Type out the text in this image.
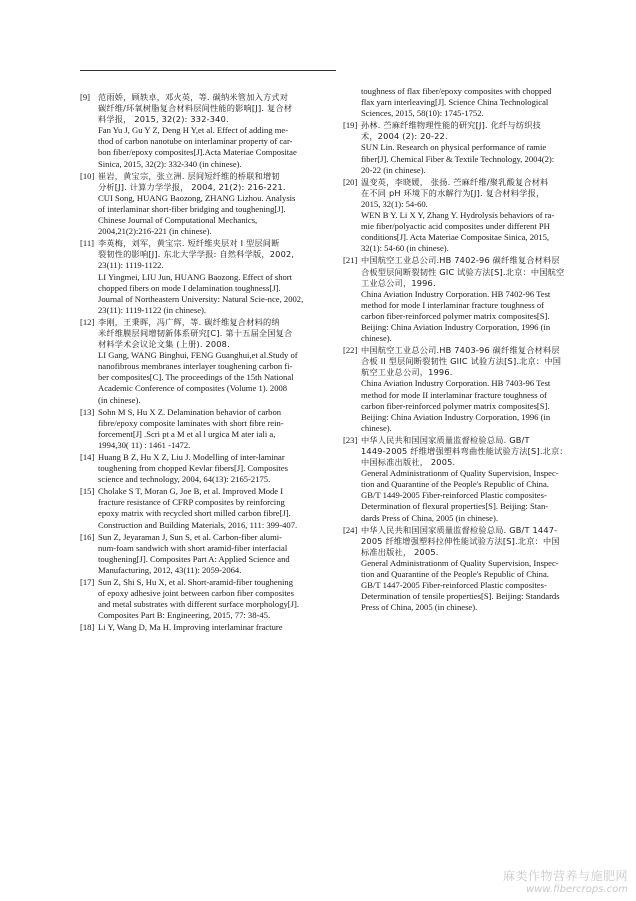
[9] 范雨娇，顾轶卓，邓火英，等. 碳纳米管加入方式对
碳纤维/环氧树脂复合材料层间性能的影响[J]. 复合材
料学报， 2015, 32(2): 332-340.
Fan Yu J, Gu Y Z, Deng H Y,et al. Effect of adding me-
thod of carbon nanotube on interlaminar property of car-
bon fiber/epoxy composites[J].Acta Materiae Compositae
Sinica, 2015, 32(2): 332-340 (in chinese).
[10] 崔岩，黄宝宗，张立洲. 层间短纤维的桥联和增韧
分析[J]. 计算力学学报， 2004, 21(2): 216-221.
CUI Song, HUANG Baozong, ZHANG Lizhou. Analysis
of interlaminar short-fiber bridging and toughening[J].
Chinese Journal of Computational Mechanics,
2004,21(2):216-221 (in chinese).
[11] 李英梅，刘军，黄宝宗. 短纤维夹层对 I 型层间断
裂韧性的影响[J]. 东北大学学报: 自然科学版，2002,
23(11): 1119-1122.
LI Yingmei, LIU Jun, HUANG Baozong. Effect of short
chopped fibers on mode I delamination toughness[J].
Journal of Northeastern University: Natural Scie-nce, 2002,
23(11): 1119-1122 (in chinese).
[12] 李刚，王秉晖，冯广辉，等. 碳纤维复合材料的纳
米纤维膜层间增韧新体系研究[C]. 第十五届全国复合
材料学术会议论文集 (上册). 2008.
LI Gang, WANG Binghui, FENG Guanghui,et al.Study of
nanofibrous membranes interlayer toughening carbon fi-
ber composites[C]. The proceedings of the 15th National
Academic Conference of composites (Volume 1). 2008
(in chinese).
[13] Sohn M S, Hu X Z. Delamination behavior of carbon
fibre/epoxy composite laminates with short fibre rein-
forcement[J] .Scri pt a M et al l urgica M ater iali a,
1994,30( 11) : 1461 -1472.
[14] Huang B Z, Hu X Z, Liu J. Modelling of inter-laminar
toughening from chopped Kevlar fibers[J]. Composites
science and technology, 2004, 64(13): 2165-2175.
[15] Cholake S T, Moran G, Joe B, et al. Improved Mode I
fracture resistance of CFRP composites by reinforcing
epoxy matrix with recycled short milled carbon fibre[J].
Construction and Building Materials, 2016, 111: 399-407.
[16] Sun Z, Jeyaraman J, Sun S, et al. Carbon-fiber alumi-
num-foam sandwich with short aramid-fiber interfacial
toughening[J]. Composites Part A: Applied Science and
Manufacturing, 2012, 43(11): 2059-2064.
[17] Sun Z, Shi S, Hu X, et al. Short-aramid-fiber toughening
of epoxy adhesive joint between carbon fiber composites
and metal substrates with different surface morphology[J].
Composites Part B: Engineering, 2015, 77: 38-45.
[18] Li Y, Wang D, Ma H. Improving interlaminar fracture
toughness of flax fiber/epoxy composites with chopped
flax yarn interleaving[J]. Science China Technological
Sciences, 2015, 58(10): 1745-1752.
[19] 孙林. 苎麻纤维物理性能的研究[J]. 化纤与纺织技
术，2004 (2): 20-22.
SUN Lin. Research on physical performance of ramie
fiber[J]. Chemical Fiber & Textile Technology, 2004(2):
20-22 (in chinese).
[20] 温变英，李晓媛， 张扬. 苎麻纤维/聚乳酸复合材料
在不同 pH 环境下的水解行为[J]. 复合材料学报，
2015, 32(1): 54-60.
WEN B Y. Li X Y, Zhang Y. Hydrolysis behaviors of ra-
mie fiber/polyactic acid composites under different PH
conditions[J]. Acta Materiae Compositae Sinica, 2015,
32(1): 54-60 (in chinese).
[21] 中国航空工业总公司.HB 7402-96 碳纤维复合材料层
合板型层间断裂韧性 GIC 试验方法[S].北京：中国航空
工业总公司，1996.
China Aviation Industry Corporation. HB 7402-96 Test
method for mode I interlaminar fracture toughness of
carbon fiber-reinforced polymer matrix composites[S].
Beijing: China Aviation Industry Corporation, 1996 (in
chinese).
[22] 中国航空工业总公司.HB 7403-96 碳纤维复合材料层
合板 II 型层间断裂韧性 GIIC 试验方法[S].北京：中国
航空工业总公司，1996.
China Aviation Industry Corporation. HB 7403-96 Test
method for mode II interlaminar fracture toughness of
carbon fiber-reinforced polymer matrix composites[S].
Beijing: China Aviation Industry Corporation, 1996 (in
chinese).
[23] 中华人民共和国国家质量监督检验总局. GB/T
1449-2005 纤维增强塑料弯曲性能试验方法[S].北京：
中国标准出版社， 2005.
General Administrationm of Quality Supervision, Inspec-
tion and Quarantine of the People's Republic of China.
GB/T 1449-2005 Fiber-reinforced Plastic composites-
Determination of flexural properties[S]. Beijing: Stan-
dards Press of China, 2005 (in chinese).
[24] 中华人民共和国国家质量监督检验总局. GB/T 1447-
2005 纤维增强塑料拉伸性能试验方法[S].北京：中国
标准出版社， 2005.
General Administrationm of Quality Supervision, Inspec-
tion and Quarantine of the People's Republic of China.
GB/T 1447-2005 Fiber-reinforced Plastic composites-
Determination of tensile properties[S]. Beijing: Standards
Press of China, 2005 (in chinese).
麻类作物营养与施肥网
www.fibercrops.com
